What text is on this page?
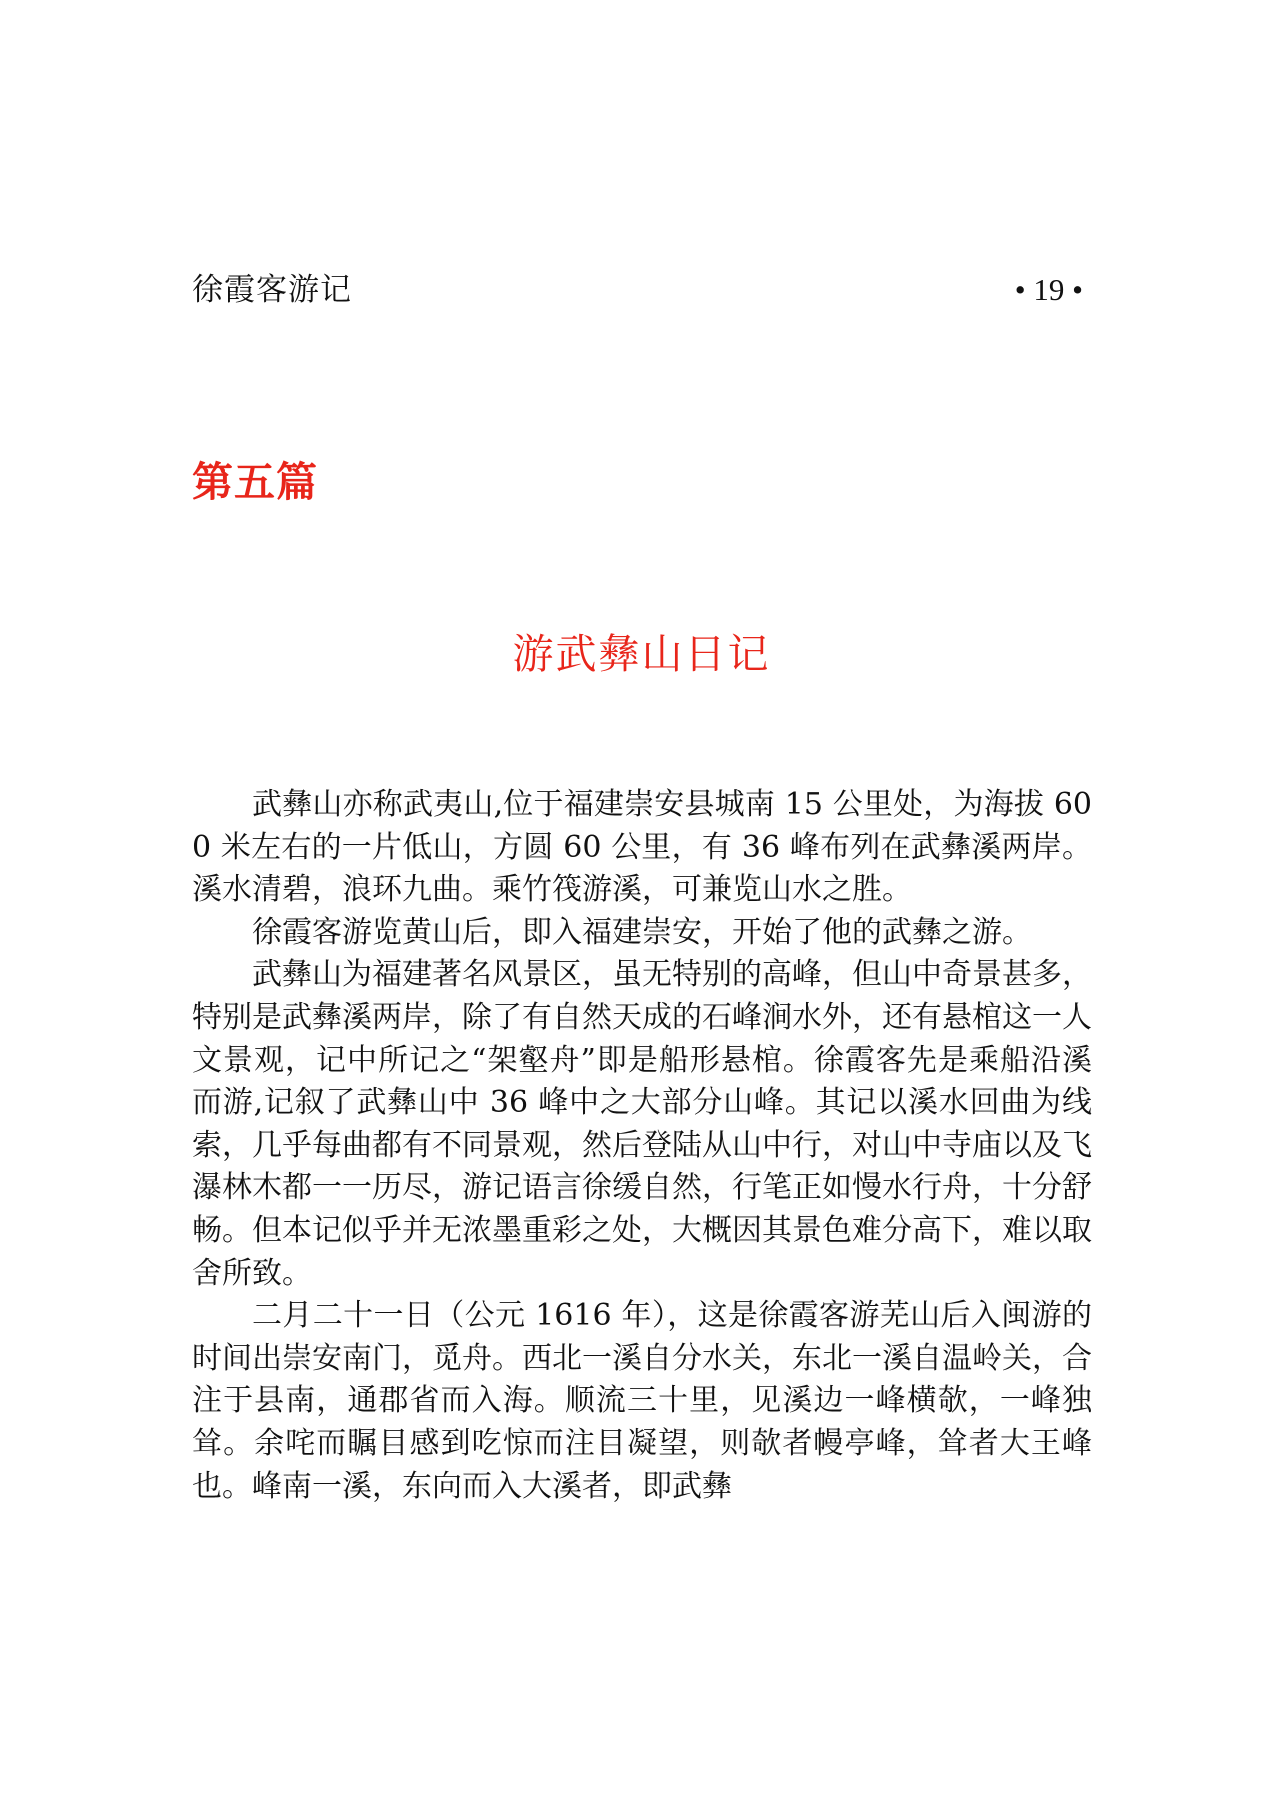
徐霞客游记	• 19 •
第五篇
游武彝山日记

武彝山亦称武夷山,位于福建崇安县城南 15 公里处，为海拔 600 米左右的一片低山，方圆 60 公里，有 36 峰布列在武彝溪两岸。溪水清碧，浪环九曲。乘竹筏游溪，可兼览山水之胜。

徐霞客游览黄山后，即入福建崇安，开始了他的武彝之游。

武彝山为福建著名风景区，虽无特别的高峰，但山中奇景甚多，特别是武彝溪两岸，除了有自然天成的石峰涧水外，还有悬棺这一人文景观，记中所记之“架壑舟”即是船形悬棺。徐霞客先是乘船沿溪而游,记叙了武彝山中 36 峰中之大部分山峰。其记以溪水回曲为线索，几乎每曲都有不同景观，然后登陆从山中行，对山中寺庙以及飞瀑林木都一一历尽，游记语言徐缓自然，行笔正如慢水行舟，十分舒畅。但本记似乎并无浓墨重彩之处，大概因其景色难分高下，难以取舍所致。

二月二十一日（公元 1616 年），这是徐霞客游芜山后入闽游的时间出崇安南门，觅舟。西北一溪自分水关，东北一溪自温岭关，合注于县南，通郡省而入海。顺流三十里，见溪边一峰横欹，一峰独耸。余咤而瞩目感到吃惊而注目凝望，则欹者幔亭峰，耸者大王峰也。峰南一溪，东向而入大溪者，即武彝
